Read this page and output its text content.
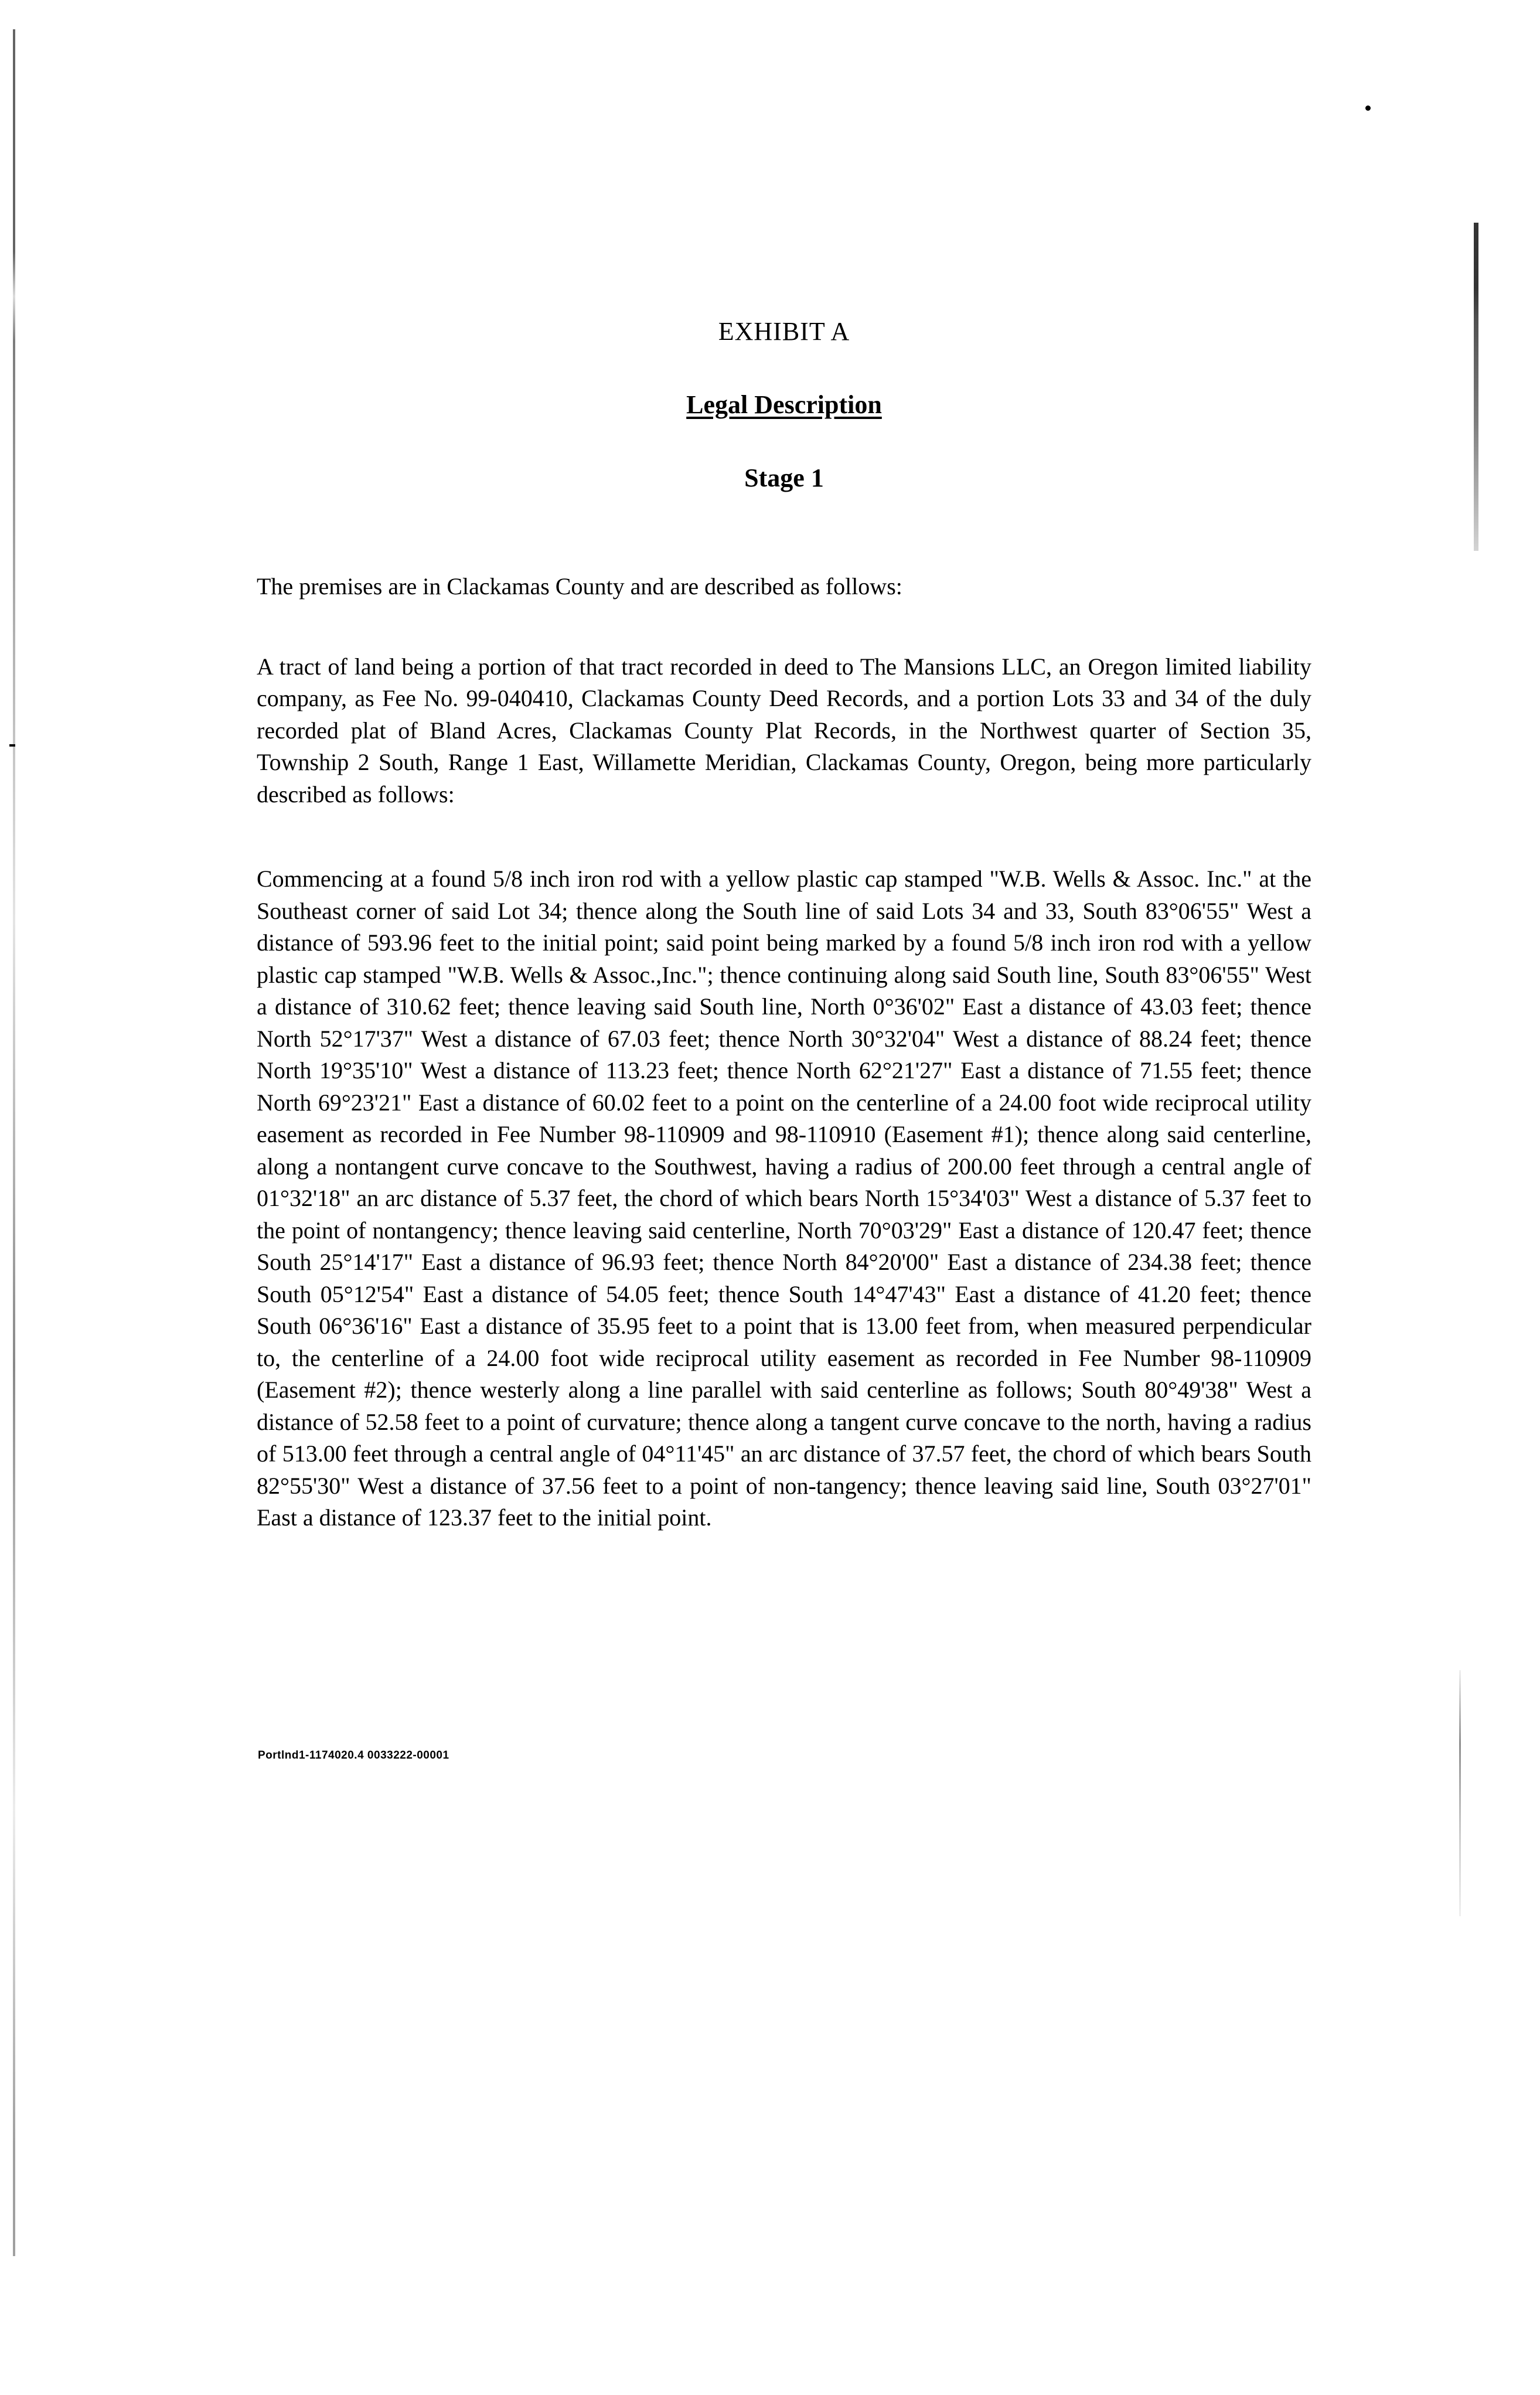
EXHIBIT A

Legal Description

Stage 1

The premises are in Clackamas County and are described as follows:

A tract of land being a portion of that tract recorded in deed to The Mansions LLC, an Oregon limited liability company, as Fee No. 99-040410, Clackamas County Deed Records, and a portion Lots 33 and 34 of the duly recorded plat of Bland Acres, Clackamas County Plat Records, in the Northwest quarter of Section 35, Township 2 South, Range 1 East, Willamette Meridian, Clackamas County, Oregon, being more particularly described as follows:

Commencing at a found 5/8 inch iron rod with a yellow plastic cap stamped "W.B. Wells & Assoc. Inc." at the Southeast corner of said Lot 34; thence along the South line of said Lots 34 and 33, South 83°06'55" West a distance of 593.96 feet to the initial point; said point being marked by a found 5/8 inch iron rod with a yellow plastic cap stamped "W.B. Wells & Assoc.,Inc."; thence continuing along said South line, South 83°06'55" West a distance of 310.62 feet; thence leaving said South line, North 0°36'02" East a distance of 43.03 feet; thence North 52°17'37" West a distance of 67.03 feet; thence North 30°32'04" West a distance of 88.24 feet; thence North 19°35'10" West a distance of 113.23 feet; thence North 62°21'27" East a distance of 71.55 feet; thence North 69°23'21" East a distance of 60.02 feet to a point on the centerline of a 24.00 foot wide reciprocal utility easement as recorded in Fee Number 98-110909 and 98-110910 (Easement #1); thence along said centerline, along a nontangent curve concave to the Southwest, having a radius of 200.00 feet through a central angle of 01°32'18" an arc distance of 5.37 feet, the chord of which bears North 15°34'03" West a distance of 5.37 feet to the point of nontangency; thence leaving said centerline, North 70°03'29" East a distance of 120.47 feet; thence South 25°14'17" East a distance of 96.93 feet; thence North 84°20'00" East a distance of 234.38 feet; thence South 05°12'54" East a distance of 54.05 feet; thence South 14°47'43" East a distance of 41.20 feet; thence South 06°36'16" East a distance of 35.95 feet to a point that is 13.00 feet from, when measured perpendicular to, the centerline of a 24.00 foot wide reciprocal utility easement as recorded in Fee Number 98-110909 (Easement #2); thence westerly along a line parallel with said centerline as follows; South 80°49'38" West a distance of 52.58 feet to a point of curvature; thence along a tangent curve concave to the north, having a radius of 513.00 feet through a central angle of 04°11'45" an arc distance of 37.57 feet, the chord of which bears South 82°55'30" West a distance of 37.56 feet to a point of non-tangency; thence leaving said line, South 03°27'01" East a distance of 123.37 feet to the initial point.

Portlnd1-1174020.4 0033222-00001
